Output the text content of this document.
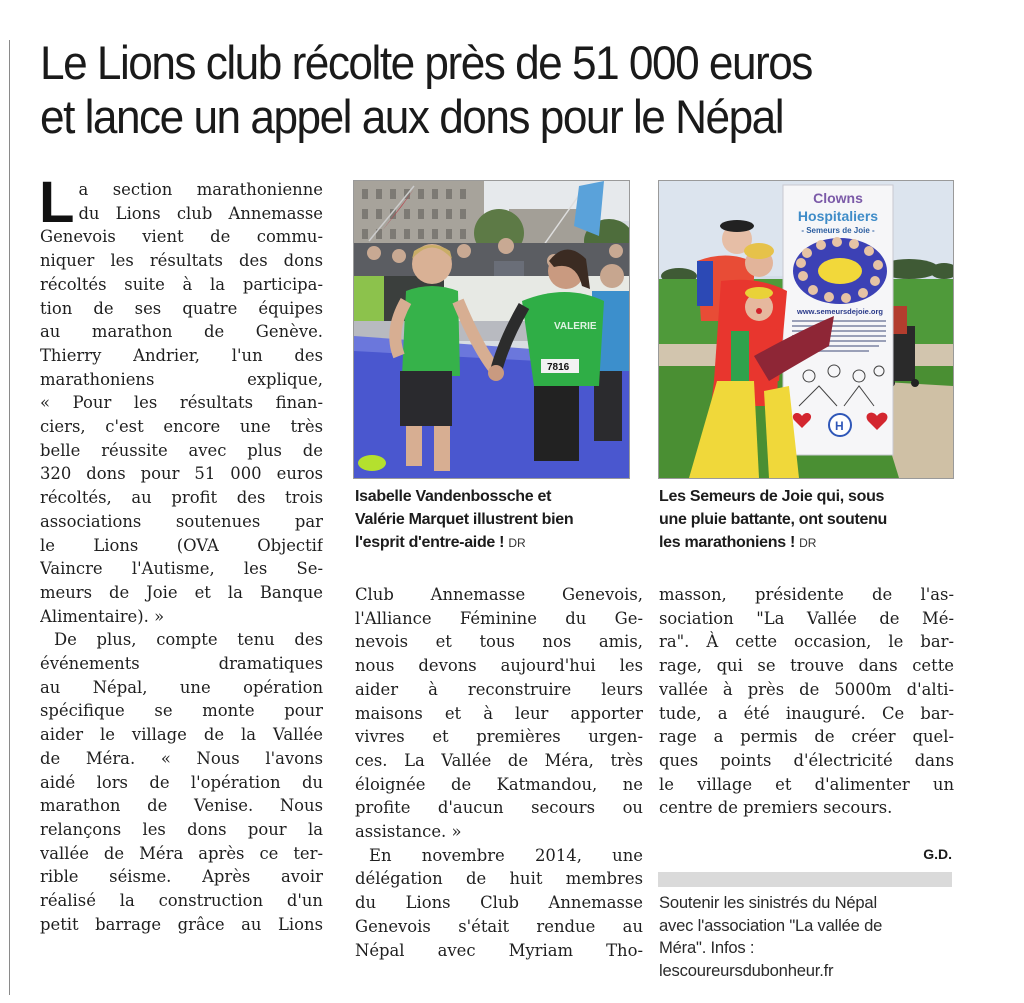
Le Lions club récolte près de 51 000 euros
et lance un appel aux dons pour le Népal
L a section marathonienne
du Lions club Annemasse
Genevois vient de commu-
niquer les résultats des dons
récoltés suite à la participa-
tion de ses quatre équipes
au marathon de Genève.
Thierry Andrier, l'un des
marathoniens explique,
« Pour les résultats finan-
ciers, c'est encore une très
belle réussite avec plus de
320 dons pour 51 000 euros
récoltés, au profit des trois
associations soutenues par
le Lions (OVA Objectif
Vaincre l'Autisme, les Se-
meurs de Joie et la Banque
Alimentaire). »
De plus, compte tenu des
événements dramatiques
au Népal, une opération
spécifique se monte pour
aider le village de la Vallée
de Méra. « Nous l'avons
aidé lors de l'opération du
marathon de Venise. Nous
relançons les dons pour la
vallée de Méra après ce ter-
rible séisme. Après avoir
réalisé la construction d'un
petit barrage grâce au Lions
VALERIE
7816
Clowns
Hospitaliers
- Semeurs de Joie -
www.semeursdejoie.org
H
Isabelle Vandenbossche et
Valérie Marquet illustrent bien
l'esprit d'entre-aide ! DR
Les Semeurs de Joie qui, sous
une pluie battante, ont soutenu
les marathoniens ! DR
Club Annemasse Genevois,
l'Alliance Féminine du Ge-
nevois et tous nos amis,
nous devons aujourd'hui les
aider à reconstruire leurs
maisons et à leur apporter
vivres et premières urgen-
ces. La Vallée de Méra, très
éloignée de Katmandou, ne
profite d'aucun secours ou
assistance. »
En novembre 2014, une
délégation de huit membres
du Lions Club Annemasse
Genevois s'était rendue au
Népal avec Myriam Tho-
masson, présidente de l'as-
sociation "La Vallée de Mé-
ra". À cette occasion, le bar-
rage, qui se trouve dans cette
vallée à près de 5000m d'alti-
tude, a été inauguré. Ce bar-
rage a permis de créer quel-
ques points d'électricité dans
le village et d'alimenter un
centre de premiers secours.
G.D.
Soutenir les sinistrés du Népal
avec l'association "La vallée de
Méra". Infos :
lescoureursdubonheur.fr
